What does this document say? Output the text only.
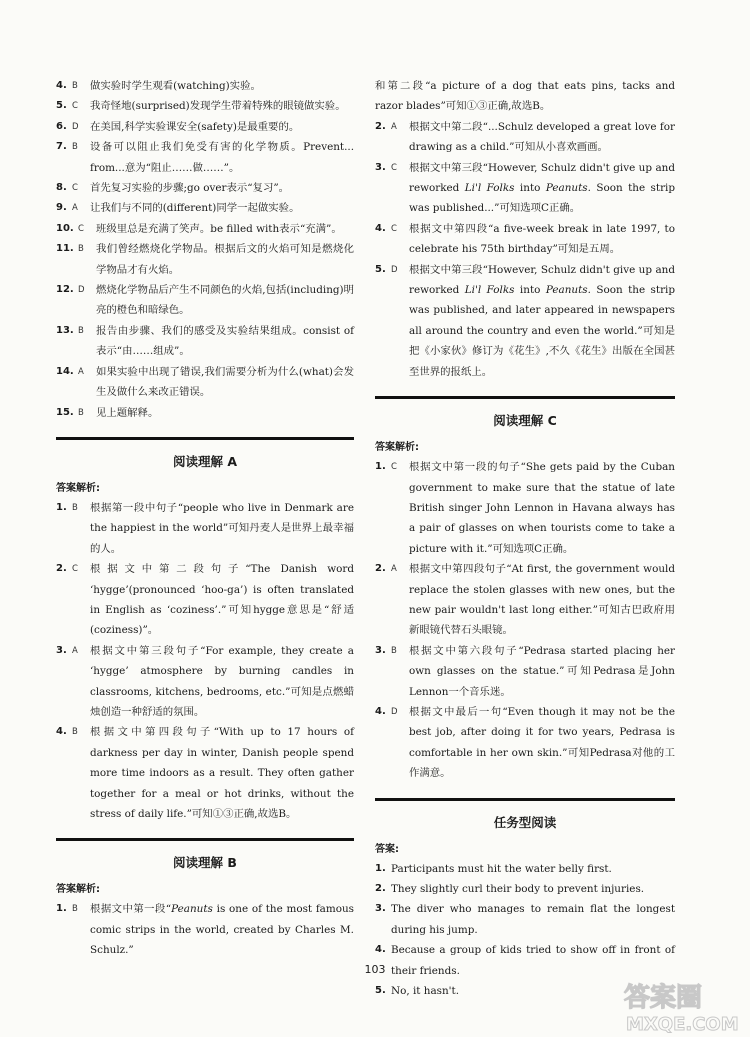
4. B	做实验时学生观看(watching)实验。
5. C	我奇怪地(surprised)发现学生带着特殊的眼镜做实验。
6. D	在美国,科学实验课安全(safety)是最重要的。
7. B	设备可以阻止我们免受有害的化学物质。Prevent... from...意为“阻止……做……”。
8. C	首先复习实验的步骤;go over表示“复习”。
9. A	让我们与不同的(different)同学一起做实验。
10. C	班级里总是充满了笑声。be filled with表示“充满”。
11. B	我们曾经燃烧化学物品。根据后文的火焰可知是燃烧化学物品才有火焰。
12. D	燃烧化学物品后产生不同颜色的火焰,包括(including)明亮的橙色和暗绿色。
13. B	报告由步骤、我们的感受及实验结果组成。consist of表示“由……组成”。
14. A	如果实验中出现了错误,我们需要分析为什么(what)会发生及做什么来改正错误。
15. B	见上题解释。
阅读理解 A
答案解析:
1. B	根据第一段中句子“people who live in Denmark are the happiest in the world”可知丹麦人是世界上最幸福的人。
2. C	根据文中第二段句子“The Danish word ‘hygge’(pronounced ‘hoo-ga’) is often translated in English as ‘coziness’.”可知hygge意思是“舒适(coziness)”。
3. A	根据文中第三段句子“For example, they create a ‘hygge’ atmosphere by burning candles in classrooms, kitchens, bedrooms, etc.”可知是点燃蜡烛创造一种舒适的氛围。
4. B	根据文中第四段句子“With up to 17 hours of darkness per day in winter, Danish people spend more time indoors as a result. They often gather together for a meal or hot drinks, without the stress of daily life.”可知①③正确,故选B。
阅读理解 B
答案解析:
1. B	根据文中第一段“Peanuts is one of the most famous comic strips in the world, created by Charles M. Schulz.”
和第二段“a picture of a dog that eats pins, tacks and razor blades”可知①③正确,故选B。
2. A	根据文中第二段“...Schulz developed a great love for drawing as a child.”可知从小喜欢画画。
3. C	根据文中第三段“However, Schulz didn't give up and reworked Li'l Folks into Peanuts. Soon the strip was published...”可知选项C正确。
4. C	根据文中第四段“a five-week break in late 1997, to celebrate his 75th birthday”可知是五周。
5. D	根据文中第三段“However, Schulz didn't give up and reworked Li'l Folks into Peanuts. Soon the strip was published, and later appeared in newspapers all around the country and even the world.”可知是把《小家伙》修订为《花生》,不久《花生》出版在全国甚至世界的报纸上。
阅读理解 C
答案解析:
1. C	根据文中第一段的句子“She gets paid by the Cuban government to make sure that the statue of late British singer John Lennon in Havana always has a pair of glasses on when tourists come to take a picture with it.”可知选项C正确。
2. A	根据文中第四段句子“At first, the government would replace the stolen glasses with new ones, but the new pair wouldn't last long either.”可知古巴政府用新眼镜代替石头眼镜。
3. B	根据文中第六段句子“Pedrasa started placing her own glasses on the statue.”可知Pedrasa是John Lennon一个音乐迷。
4. D	根据文中最后一句“Even though it may not be the best job, after doing it for two years, Pedrasa is comfortable in her own skin.”可知Pedrasa对他的工作满意。
任务型阅读
答案:
1. Participants must hit the water belly first.
2. They slightly curl their body to prevent injuries.
3. The diver who manages to remain flat the longest during his jump.
4. Because a group of kids tried to show off in front of their friends.
5. No, it hasn't.
103
答案圈
MXQE.COM
